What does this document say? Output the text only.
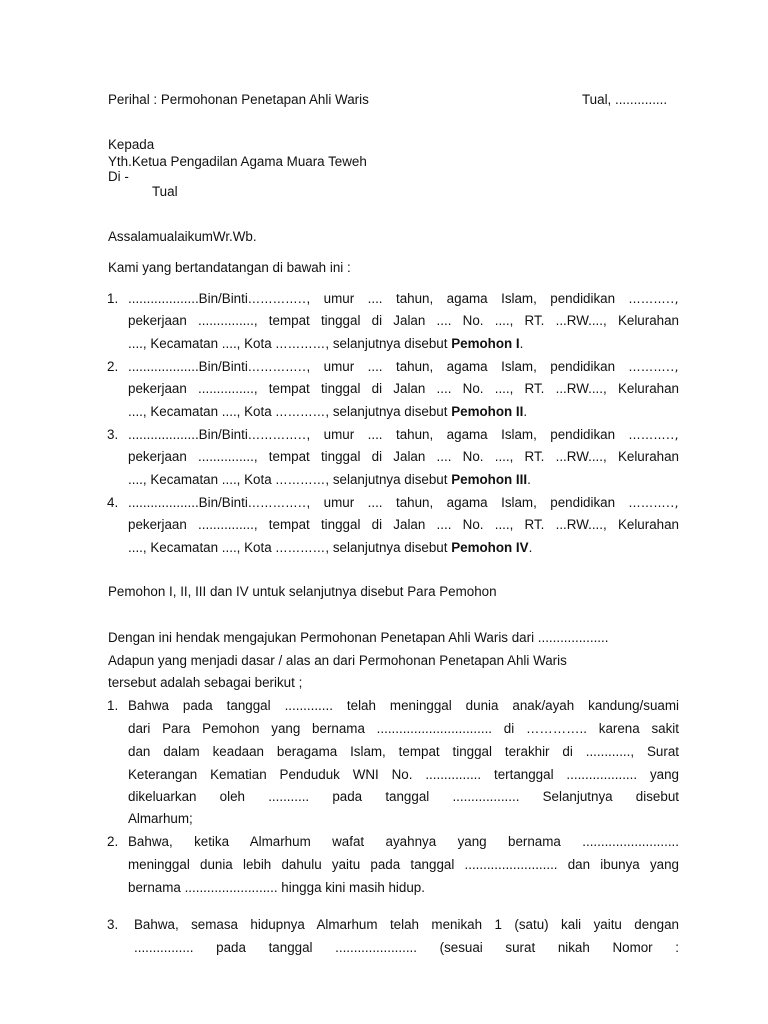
Perihal : Permohonan Penetapan Ahli Waris	Tual, ..............
Kepada
Yth.Ketua Pengadilan Agama Muara Teweh
Di -
Tual
AssalamualaikumWr.Wb.
Kami yang bertandatangan di bawah ini :
1. ...................Bin/Binti………….., umur .... tahun, agama Islam, pendidikan ………..,
pekerjaan ..............., tempat tinggal di Jalan .... No. ...., RT. ...RW...., Kelurahan
...., Kecamatan ...., Kota …………, selanjutnya disebut Pemohon I.
2. ...................Bin/Binti………….., umur .... tahun, agama Islam, pendidikan ………..,
pekerjaan ..............., tempat tinggal di Jalan .... No. ...., RT. ...RW...., Kelurahan
...., Kecamatan ...., Kota …………, selanjutnya disebut Pemohon II.
3. ...................Bin/Binti………….., umur .... tahun, agama Islam, pendidikan ………..,
pekerjaan ..............., tempat tinggal di Jalan .... No. ...., RT. ...RW...., Kelurahan
...., Kecamatan ...., Kota …………, selanjutnya disebut Pemohon III.
4. ...................Bin/Binti………….., umur .... tahun, agama Islam, pendidikan ………..,
pekerjaan ..............., tempat tinggal di Jalan .... No. ...., RT. ...RW...., Kelurahan
...., Kecamatan ...., Kota …………, selanjutnya disebut Pemohon IV.
Pemohon I, II, III dan IV untuk selanjutnya disebut Para Pemohon
Dengan ini hendak mengajukan Permohonan Penetapan Ahli Waris dari ...................
Adapun yang menjadi dasar / alas an dari Permohonan Penetapan Ahli Waris
tersebut adalah sebagai berikut ;
1. Bahwa pada tanggal ............. telah meninggal dunia anak/ayah kandung/suami
dari Para Pemohon yang bernama ............................... di ………….. karena sakit
dan dalam keadaan beragama Islam, tempat tinggal terakhir di ............, Surat
Keterangan Kematian Penduduk WNI No. ............... tertanggal ................... yang
dikeluarkan oleh ........... pada tanggal .................. Selanjutnya disebut
Almarhum;
2. Bahwa, ketika Almarhum wafat ayahnya yang bernama ..........................
meninggal dunia lebih dahulu yaitu pada tanggal ......................... dan ibunya yang
bernama ......................... hingga kini masih hidup.
3. Bahwa, semasa hidupnya Almarhum telah menikah 1 (satu) kali yaitu dengan
................ pada tanggal ...................... (sesuai surat nikah Nomor :
